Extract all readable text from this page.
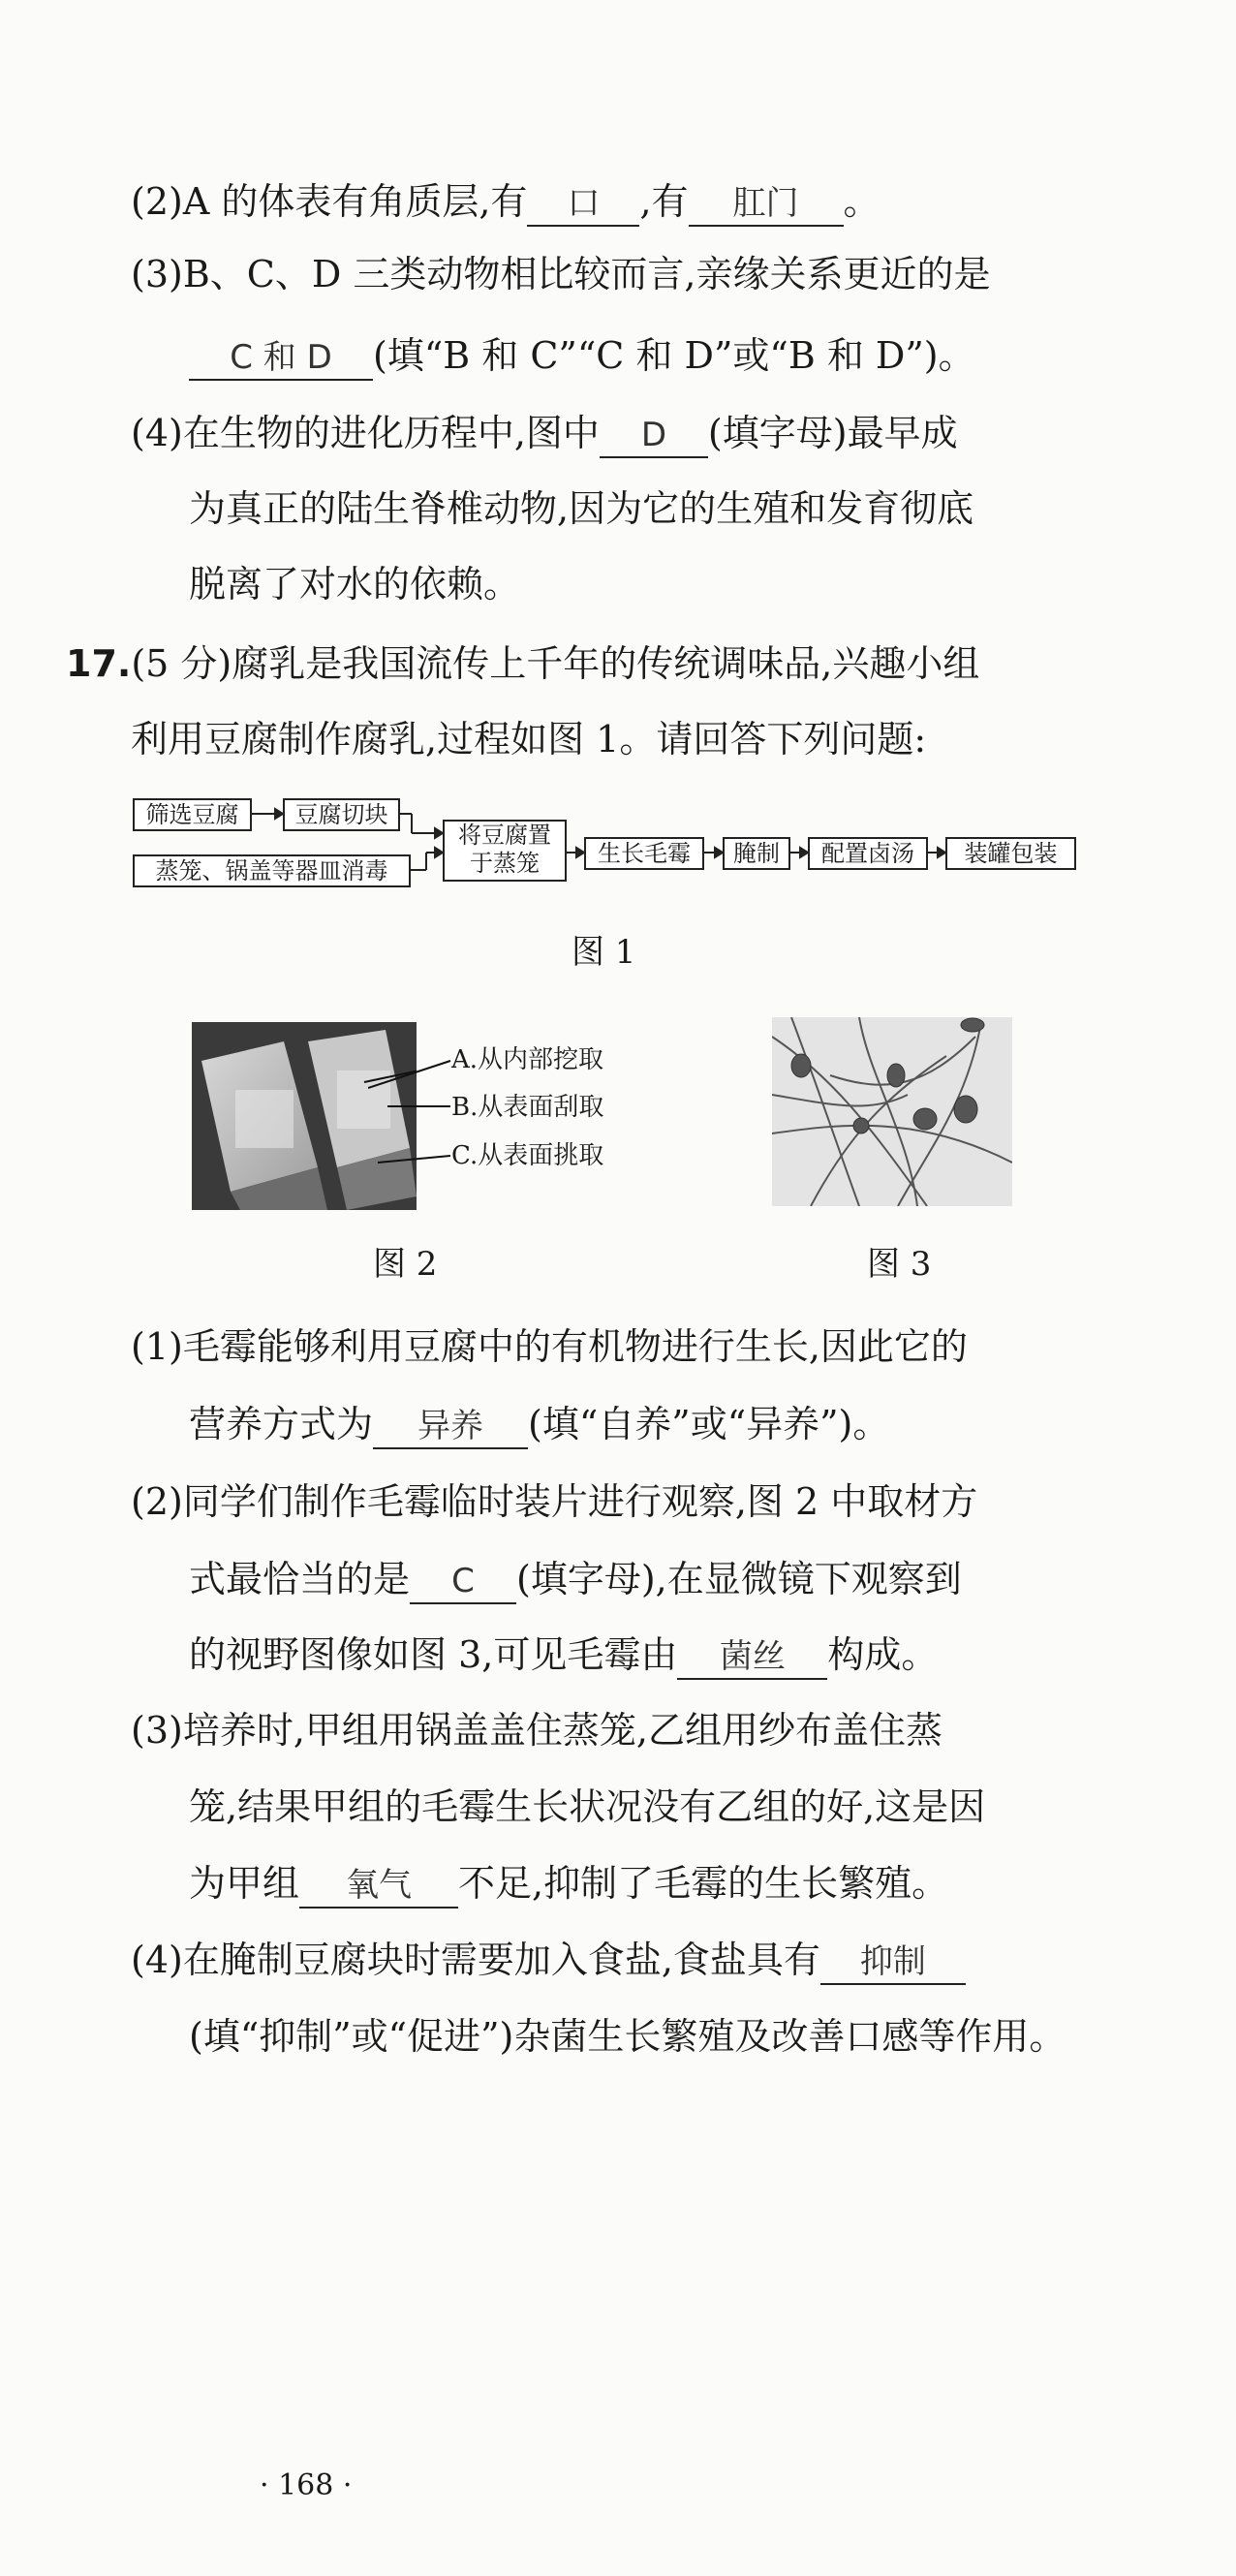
(2)A 的体表有角质层,有 口 ,有 肛门 。
(3)B、C、D 三类动物相比较而言,亲缘关系更近的是
C 和 D (填“B 和 C”“C 和 D”或“B 和 D”)。
(4)在生物的进化历程中,图中 D (填字母)最早成
为真正的陆生脊椎动物,因为它的生殖和发育彻底
脱离了对水的依赖。
17.(5 分)腐乳是我国流传上千年的传统调味品,兴趣小组
利用豆腐制作腐乳,过程如图 1。请回答下列问题:
筛选豆腐	豆腐切块
蒸笼、锅盖等器皿消毒
将豆腐置
于蒸笼	生长毛霉	腌制	配置卤汤	装罐包装
图 1
A.从内部挖取
B.从表面刮取
C.从表面挑取
图 2	图 3
(1)毛霉能够利用豆腐中的有机物进行生长,因此它的
营养方式为 异养 (填“自养”或“异养”)。
(2)同学们制作毛霉临时装片进行观察,图 2 中取材方
式最恰当的是 C (填字母),在显微镜下观察到
的视野图像如图 3,可见毛霉由 菌丝 构成。
(3)培养时,甲组用锅盖盖住蒸笼,乙组用纱布盖住蒸
笼,结果甲组的毛霉生长状况没有乙组的好,这是因
为甲组 氧气 不足,抑制了毛霉的生长繁殖。
(4)在腌制豆腐块时需要加入食盐,食盐具有 抑制
(填“抑制”或“促进”)杂菌生长繁殖及改善口感等作用。
· 168 ·
